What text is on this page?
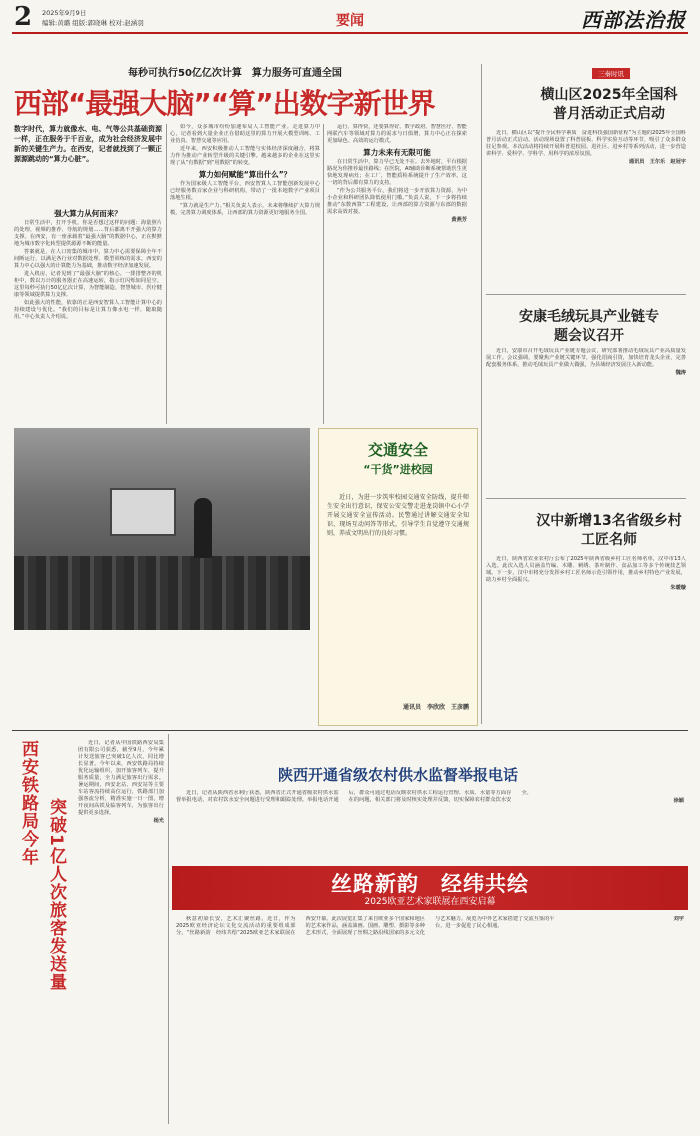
2 2025年9月9日
编辑:黄璐 组版:郭晓琳 校对:赵涵羽	要闻	西部法治报
每秒可执行50亿亿次计算　算力服务可直通全国
西部“最强大脑”“算”出数字新世界
数字时代，算力就像水、电、气等公共基础资源一样，正在服务于千百业，成为社会经济发展中新的关键生产力。在西安，记者就找到了一颗正源源跳动的“算力心脏”。
强大算力从何而来？

日常生活中，打开手机，你是否想过这样的问题：海量照片的处理、视频的推荐、导航的规划……背后都离不开强大的算力支撑。在西安，有一座承载着“最强大脑”的数据中心，正在默默地为城市数字化转型提供源源不断的能量。

答案就是，在人口密集的城市中，算力中心需要保障全年不间断运行，以满足各行业对数据处理、模型训练的需求。西安的算力中心以强大的计算能力为基础，推动数字经济加速发展。

进入机房，记者见到了“最强大脑”的核心。一排排整齐的机柜中，数以万计的服务器正在高速运转，指示灯闪烁如同星空。这里每秒可执行50亿亿次计算，为智能制造、智慧城市、医疗健康等领域提供算力支撑。

如此强大的性能，依靠的正是西安智算人工智能计算中心的持续建设与优化。“我们的目标是让算力像水电一样，随取随用。”中心负责人介绍说。

如今，众多城市纷纷加速布局人工智能产业。走进算力中心，记者看到大量企业正在借助这里的算力开展大模型训练、工业仿真、智慧交通等应用。

近年来，西安积极推动人工智能与实体经济深度融合，将算力作为推动产业转型升级的关键引擎。越来越多的企业在这里实现了从“有数据”到“用数据”的转变。

算力如何赋能“算出什么”？

作为国家级人工智能平台，西安智算人工智能创新发展中心已经服务数百家企业与科研机构，带动了一批本地数字产业项目落地生根。

“算力就是生产力。”相关负责人表示，未来将继续扩大算力规模，完善算力调度体系，让西部的算力资源更好地服务全国。

运行、算得快，还要算得好。数字政府、智慧医疗、智能网联汽车等领域对算力的需求与日俱增，算力中心正在探索更加绿色、高效的运行模式。

算力未来有无限可能

在日常生活中，算力早已无处不在。去外地时，平台根据路况为你推荐最佳路线；在医院，AI辅助诊断系统帮助医生更快地发现病灶；在工厂，智能质检系统提升了生产效率。这一切的背后都有算力的支持。

“作为公共服务平台，我们将进一步开放算力资源，为中小企业和科研团队降低使用门槛。”负责人说，下一步将持续推动“东数西算”工程建设，让西部的算力资源与东部的数据需求高效对接。

黄燕芳

交通安全
“干货”进校园
近日，为进一步筑牢校园交通安全防线，提升师生安全出行意识，保安公安交警走进龙岗镇中心小学开展交通安全宣传活动。民警通过讲解交通安全知识、现场互动问答等形式，引导学生自觉遵守交通规则，养成文明出行的良好习惯。
通讯员　李欣欣　王彦鹏
三秦时讯
横山区2025年全国科普月活动正式启动

近日，横山区以“提升全民科学素质　奋进科技强国新征程”为主题的2025年全国科普月活动正式启动。活动现场设置了科普展板、科学实验互动等环节，吸引了众多群众驻足参观。本次活动将持续开展科普进校园、进社区、进乡村等系列活动，进一步营造讲科学、爱科学、学科学、用科学的浓厚氛围。

通讯员　王尔乐　赵冠宇

安康毛绒玩具产业链专题会议召开

近日，安康市召开毛绒玩具产业链专题会议，研究部署推动毛绒玩具产业高质量发展工作。会议强调，要聚焦产业链关键环节，强化招商引资，加快培育龙头企业，完善配套服务体系，推动毛绒玩具产业做大做强，为县域经济发展注入新动能。

魏涛

汉中新增13名省级乡村工匠名师

近日，陕西省农业农村厅公布了2025年陕西省级乡村工匠名师名单，汉中市13人入选。此次入选人员涵盖竹编、木雕、刺绣、茶叶制作、食品加工等多个传统技艺领域。下一步，汉中市将充分发挥乡村工匠名师示范引领作用，推动乡村特色产业发展，助力乡村全面振兴。

朱暖璇

西安铁路局今年 突破1亿人次旅客发送量

近日，记者从中国铁路西安局集团有限公司获悉，截至9月，今年累计发送旅客已突破1亿人次，同比增长显著。今年以来，西安铁路局持续优化运输组织，加开旅客列车，提升服务质量，全力满足旅客出行需求。暑运期间，西安北站、西安站等主要车站客流持续高位运行，铁路部门加强客流分析，精准实施一日一图，增开夜间高铁及临客列车，为旅客出行提供更多选择。

杨光

陕西开通省级农村供水监督举报电话

近日，记者从陕西省水利厅获悉，陕西省正式开通省级农村供水监督举报电话，对农村饮水安全问题进行受理和跟踪处理。举报电话开通后，群众可通过电话反映农村供水工程运行管理、水质、水量等方面存在的问题，相关部门将及时核实处理并反馈，切实保障农村群众饮水安全。

徐颖

丝路新韵　经纬共绘
2025欧亚艺术家联展在西安启幕

秋意初染长安，艺术汇聚丝路。近日，作为2025欧亚经济论坛文化交流活动的重要组成部分，“丝路新韵　经纬共绘”2025欧亚艺术家联展在西安开幕。此次展览汇集了来自欧亚多个国家和地区的艺术家作品，涵盖油画、国画、雕塑、摄影等多种艺术形式，全面展现了丝绸之路沿线国家的多元文化与艺术魅力。展览为中外艺术家搭建了交流互鉴的平台，进一步促进了民心相通。

刘宇
